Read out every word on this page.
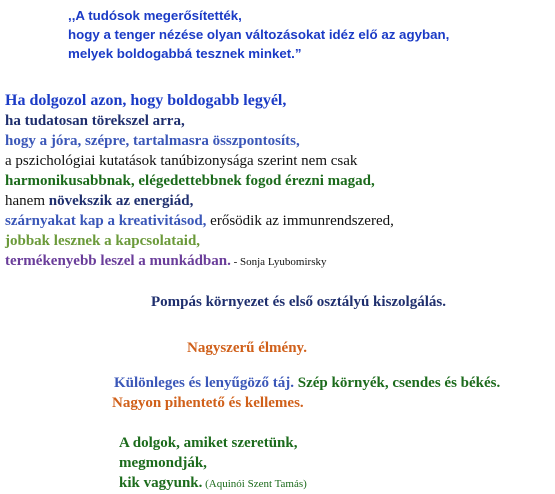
,,A tudósok megerősítették,
hogy a tenger nézése olyan változásokat idéz elő az agyban,
melyek boldogabbá tesznek minket.”
Ha dolgozol azon, hogy boldogabb legyél,
ha tudatosan törekszel arra,
hogy a jóra, szépre, tartalmasra összpontosíts,
a pszichológiai kutatások tanúbizonysága szerint nem csak
harmonikusabbnak, elégedettebbnek fogod érezni magad,
hanem növekszik az energiád,
szárnyakat kap a kreativitásod, erősödik az immunrendszered,
jobbak lesznek a kapcsolataid,
termékenyebb leszel a munkádban. - Sonja Lyubomirsky
Pompás környezet és első osztályú kiszolgálás.
Nagyszerű élmény.
Különleges és lenyűgöző táj. Szép környék, csendes és békés.
Nagyon pihentető és kellemes.
A dolgok, amiket szeretünk,
megmondják,
kik vagyunk. (Aquinói Szent Tamás)
